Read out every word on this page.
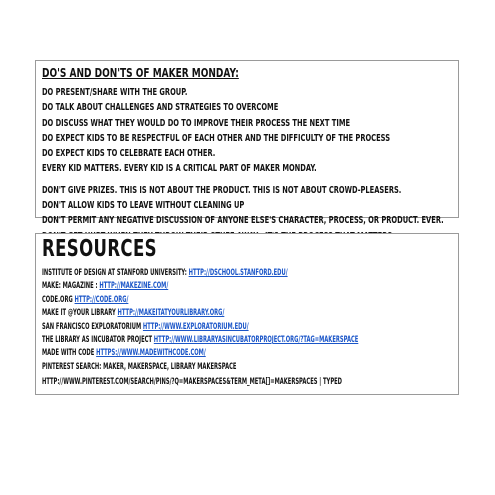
DO'S AND DON'TS OF MAKER MONDAY:
DO PRESENT/SHARE WITH THE GROUP.
DO TALK ABOUT CHALLENGES AND STRATEGIES TO OVERCOME
DO DISCUSS WHAT THEY WOULD DO TO IMPROVE THEIR PROCESS THE NEXT TIME
DO EXPECT KIDS TO BE RESPECTFUL OF EACH OTHER AND THE DIFFICULTY OF THE PROCESS
DO EXPECT KIDS TO CELEBRATE EACH OTHER.
EVERY KID MATTERS. EVERY KID IS A CRITICAL PART OF MAKER MONDAY.
DON'T GIVE PRIZES. THIS IS NOT ABOUT THE PRODUCT. THIS IS NOT ABOUT CROWD-PLEASERS.
DON'T ALLOW KIDS TO LEAVE WITHOUT CLEANING UP
DON'T PERMIT ANY NEGATIVE DISCUSSION OF ANYONE ELSE'S CHARACTER, PROCESS, OR PRODUCT. EVER.
RESOURCES
INSTITUTE OF DESIGN AT STANFORD UNIVERSITY: HTTP://DSCHOOL.STANFORD.EDU/
MAKE: MAGAZINE : HTTP://MAKEZINE.COM/
CODE.ORG HTTP://CODE.ORG/
MAKE IT @YOUR LIBRARY HTTP://MAKEITATYOURLIBRARY.ORG/
SAN FRANCISCO EXPLORATORIUM HTTP://WWW.EXPLORATORIUM.EDU/
THE LIBRARY AS INCUBATOR PROJECT HTTP://WWW.LIBRARYASINCUBATORPROJECT.ORG/?TAG=MAKERSPACE
MADE WITH CODE HTTPS://WWW.MADEWITHCODE.COM/
PINTEREST SEARCH: MAKER, MAKERSPACE, LIBRARY MAKERSPACE
HTTP://WWW.PINTEREST.COM/SEARCH/PINS/?Q=MAKERSPACES&TERM_META[]=MAKERSPACES | TYPED
